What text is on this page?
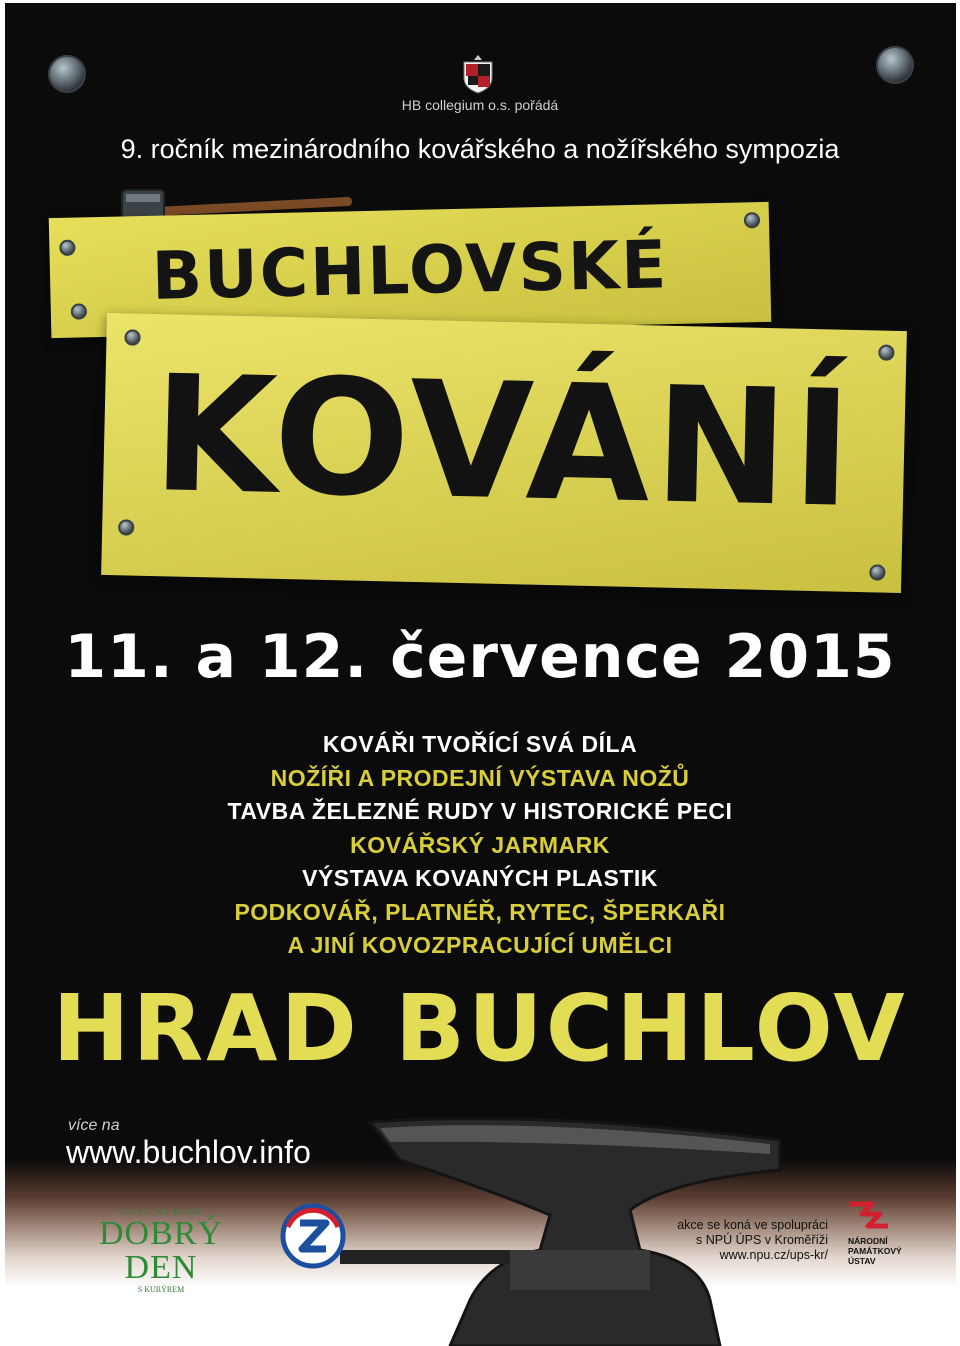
HB collegium o.s. pořádá
9. ročník mezinárodního kovářského a nožířského sympozia
BUCHLOVSKÉ
KOVÁNÍ
11. a 12. července 2015
KOVÁŘI TVOŘÍCÍ SVÁ DÍLA
NOŽÍŘI A PRODEJNÍ VÝSTAVA NOŽŮ
TAVBA ŽELEZNÉ RUDY V HISTORICKÉ PECI
KOVÁŘSKÝ JARMARK
VÝSTAVA KOVANÝCH PLASTIK
PODKOVÁŘ, PLATNÉŘ, RYTEC, ŠPERKAŘI
A JINÍ KOVOZPRACUJÍCÍ UMĚLCI
HRAD BUCHLOV
více na
www.buchlov.info
SLOVÁCKÝ DENÍK
DOBRÝ DEN
S KURÝREM
akce se koná ve spolupráci
s NPÚ ÚPS v Kroměříži
www.npu.cz/ups-kr/
NÁRODNÍ
PAMÁTKOVÝ
ÚSTAV
